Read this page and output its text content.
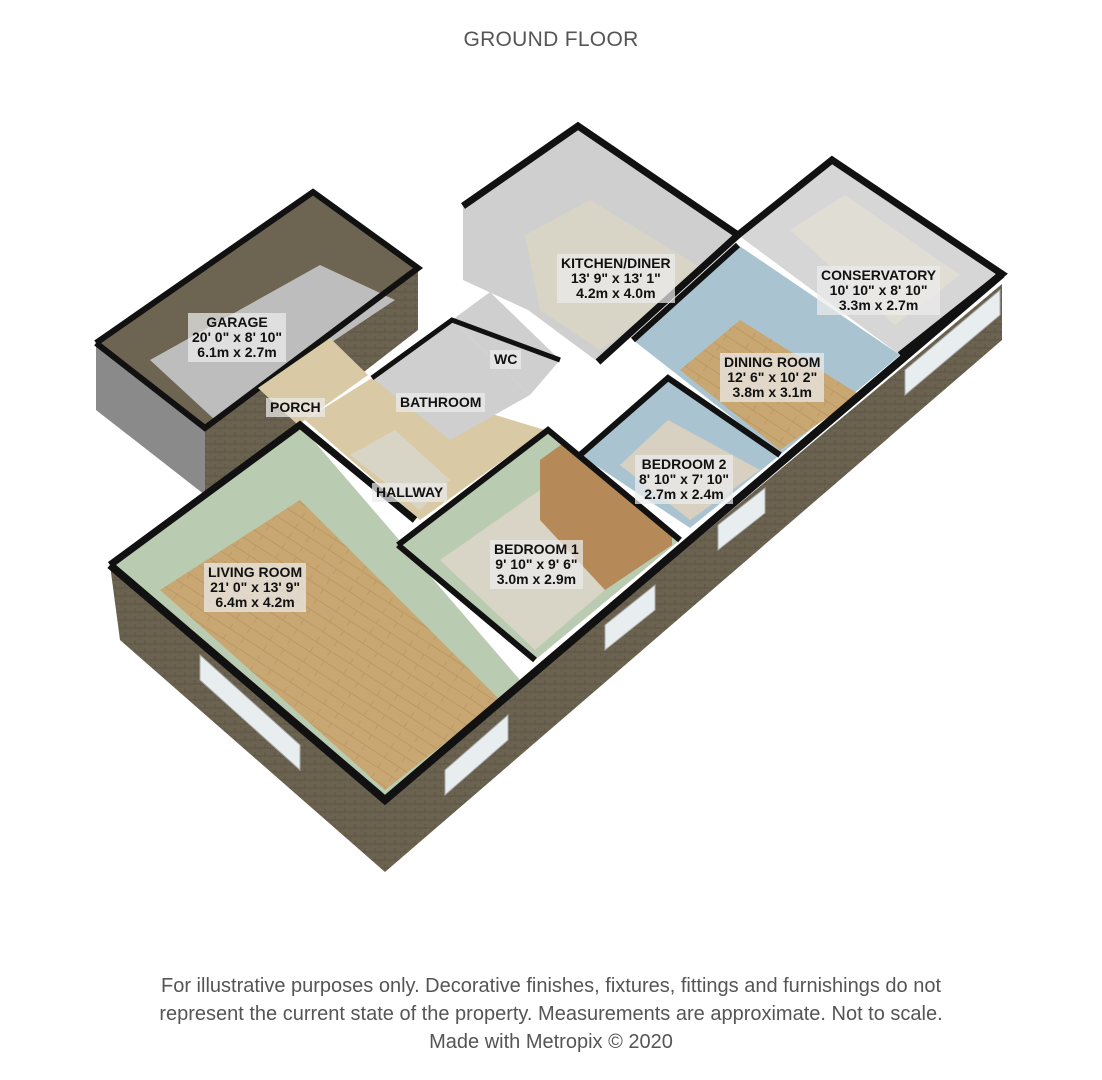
GROUND FLOOR
GARAGE
20' 0" x 8' 10"
6.1m x 2.7m
KITCHEN/DINER
13' 9" x 13' 1"
4.2m x 4.0m
CONSERVATORY
10' 10" x 8' 10"
3.3m x 2.7m
DINING ROOM
12' 6" x 10' 2"
3.8m x 3.1m
BEDROOM 2
8' 10" x 7' 10"
2.7m x 2.4m
BEDROOM 1
9' 10" x 9' 6"
3.0m x 2.9m
LIVING ROOM
21' 0" x 13' 9"
6.4m x 4.2m
PORCH	BATHROOM
WC
HALLWAY
For illustrative purposes only. Decorative finishes, fixtures, fittings and furnishings do not
represent the current state of the property. Measurements are approximate. Not to scale.
Made with Metropix © 2020
